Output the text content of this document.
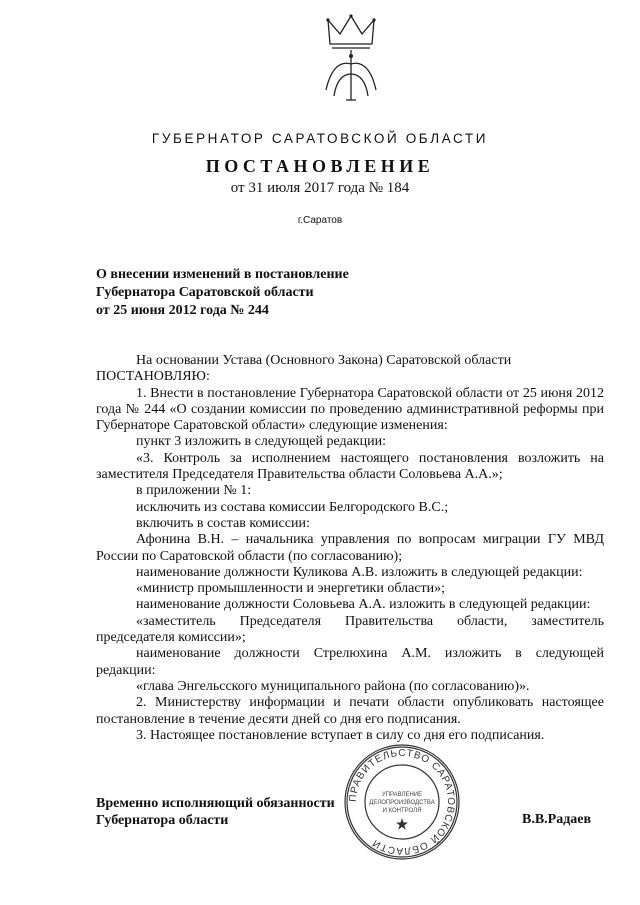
ГУБЕРНАТОР САРАТОВСКОЙ ОБЛАСТИ
ПОСТАНОВЛЕНИЕ
от 31 июля 2017 года № 184
г.Саратов
О внесении изменений в постановление
Губернатора Саратовской области
от 25 июня 2012 года № 244

На основании Устава (Основного Закона) Саратовской области

ПОСТАНОВЛЯЮ:

1. Внести в постановление Губернатора Саратовской области от 25 июня 2012 года № 244 «О создании комиссии по проведению административной реформы при Губернаторе Саратовской области» следующие изменения:

пункт 3 изложить в следующей редакции:

«3. Контроль за исполнением настоящего постановления возложить на заместителя Председателя Правительства области Соловьева А.А.»;

в приложении № 1:

исключить из состава комиссии Белгородского В.С.;

включить в состав комиссии:

Афонина В.Н. – начальника управления по вопросам миграции ГУ МВД России по Саратовской области (по согласованию);

наименование должности Куликова А.В. изложить в следующей редакции:

«министр промышленности и энергетики области»;

наименование должности Соловьева А.А. изложить в следующей редакции:

«заместитель Председателя Правительства области, заместитель председателя комиссии»;

наименование должности Стрелюхина А.М. изложить в следующей редакции:

«глава Энгельсского муниципального района (по согласованию)».

2. Министерству информации и печати области опубликовать настоящее постановление в течение десяти дней со дня его подписания.

3. Настоящее постановление вступает в силу со дня его подписания.

Временно исполняющий обязанности
Губернатора области	В.В.Радаев
ПРАВИТЕЛЬСТВО САРАТОВСКОЙ ОБЛАСТИ
УПРАВЛЕНИЕ
ДЕЛОПРОИЗВОДСТВА
И КОНТРОЛЯ
